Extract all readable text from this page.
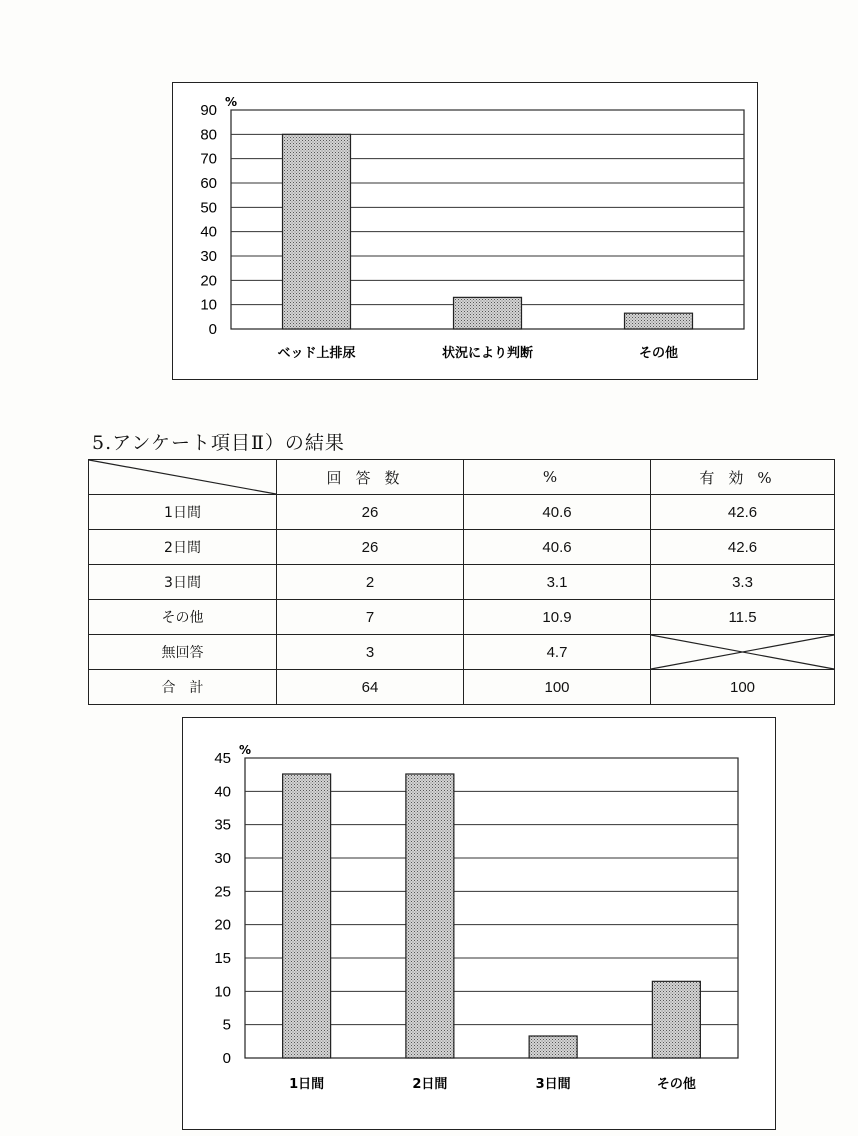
0
10
20
30
40
50
60
70
80
90 %
ベッド上排尿	状況により判断	その他
5.アンケート項目Ⅱ）の結果
	回答数	%	有効%
1日間	26	40.6	42.6
2日間	26	40.6	42.6
3日間	2	3.1	3.3
その他	7	10.9	11.5
無回答	3	4.7	

合　計	64	100	100
0
5
10
15
20
25
30
35
40
45 %
1日間	2日間	3日間	その他
